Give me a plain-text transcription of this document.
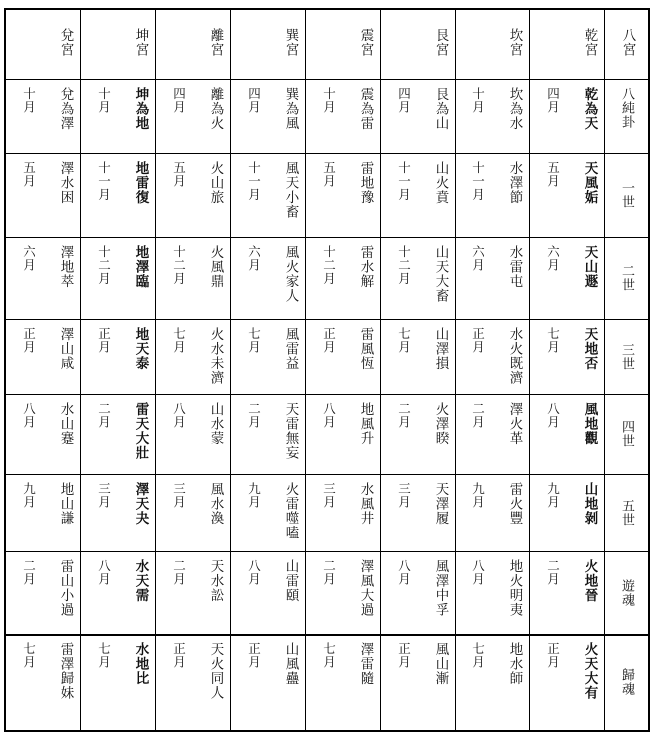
八宮
乾宮
坎宮
艮宮
震宮
巽宮
離宮
坤宮
兌宮
八純卦
乾為天
四月
坎為水
十月
艮為山
四月
震為雷
十月
巽為風
四月
離為火
四月
坤為地
十月
兌為澤
十月
一世
天風姤
五月
水澤節
十一月
山火賁
十一月
雷地豫
五月
風天小畜
十一月
火山旅
五月
地雷復
十一月
澤水困
五月
二世
天山遯
六月
水雷屯
六月
山天大畜
十二月
雷水解
十二月
風火家人
六月
火風鼎
十二月
地澤臨
十二月
澤地萃
六月
三世
天地否
七月
水火既濟
正月
山澤損
七月
雷風恆
正月
風雷益
七月
火水未濟
七月
地天泰
正月
澤山咸
正月
四世
風地觀
八月
澤火革
二月
火澤睽
二月
地風升
八月
天雷無妄
二月
山水蒙
八月
雷天大壯
二月
水山蹇
八月
五世
山地剝
九月
雷火豐
九月
天澤履
三月
水風井
三月
火雷噬嗑
九月
風水渙
三月
澤天夬
三月
地山謙
九月
遊魂
火地晉
二月
地火明夷
八月
風澤中孚
八月
澤風大過
二月
山雷頤
八月
天水訟
二月
水天需
八月
雷山小過
二月
歸魂
火天大有
正月
地水師
七月
風山漸
正月
澤雷隨
七月
山風蠱
正月
天火同人
正月
水地比
七月
雷澤歸妹
七月
